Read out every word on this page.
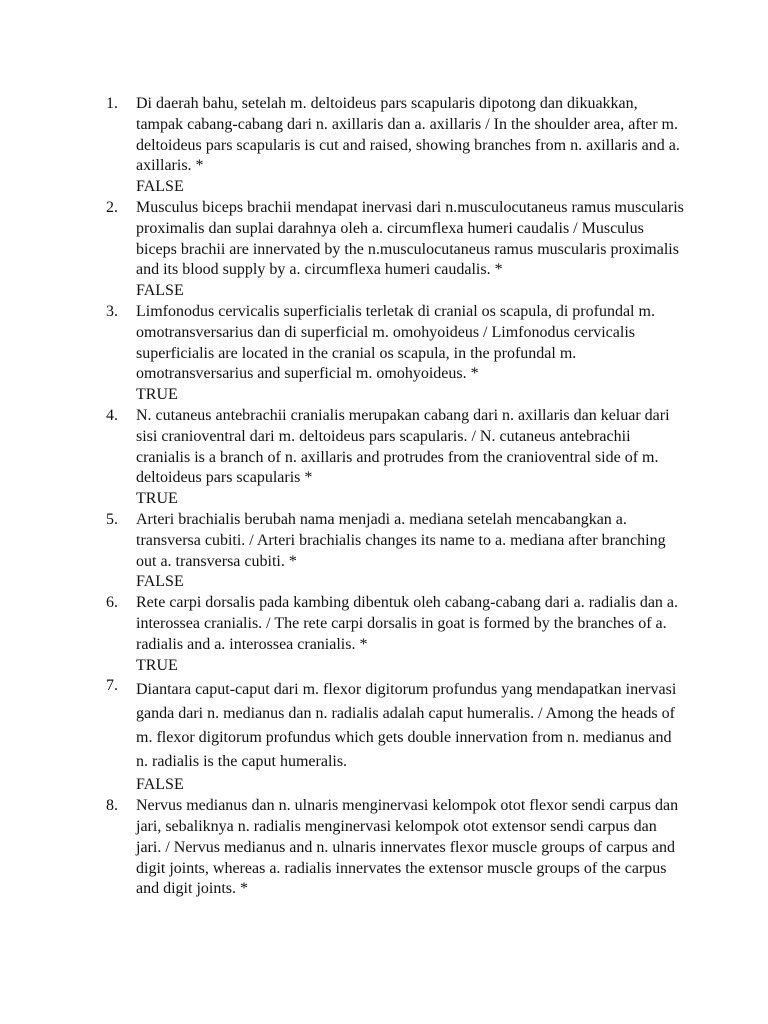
1.	Di daerah bahu, setelah m. deltoideus pars scapularis dipotong dan dikuakkan, tampak cabang-cabang dari n. axillaris dan a. axillaris / In the shoulder area, after m. deltoideus pars scapularis is cut and raised, showing branches from n. axillaris and a. axillaris. *
FALSE
2.	Musculus biceps brachii mendapat inervasi dari n.musculocutaneus ramus muscularis proximalis dan suplai darahnya oleh a. circumflexa humeri caudalis / Musculus biceps brachii are innervated by the n.musculocutaneus ramus muscularis proximalis and its blood supply by a. circumflexa humeri caudalis. *
FALSE
3.	Limfonodus cervicalis superficialis terletak di cranial os scapula, di profundal m. omotransversarius dan di superficial m. omohyoideus / Limfonodus cervicalis superficialis are located in the cranial os scapula, in the profundal m. omotransversarius and superficial m. omohyoideus. *
TRUE
4.	N. cutaneus antebrachii cranialis merupakan cabang dari n. axillaris dan keluar dari sisi cranioventral dari m. deltoideus pars scapularis. / N. cutaneus antebrachii cranialis is a branch of n. axillaris and protrudes from the cranioventral side of m. deltoideus pars scapularis *
TRUE
5.	Arteri brachialis berubah nama menjadi a. mediana setelah mencabangkan a. transversa cubiti. / Arteri brachialis changes its name to a. mediana after branching out a. transversa cubiti. *
FALSE
6.	Rete carpi dorsalis pada kambing dibentuk oleh cabang-cabang dari a. radialis dan a. interossea cranialis. / The rete carpi dorsalis in goat is formed by the branches of a. radialis and a. interossea cranialis. *
TRUE
7.	Diantara caput-caput dari m. flexor digitorum profundus yang mendapatkan inervasi ganda dari n. medianus dan n. radialis adalah caput humeralis. / Among the heads of m. flexor digitorum profundus which gets double innervation from n. medianus and n. radialis is the caput humeralis.
FALSE
8.	Nervus medianus dan n. ulnaris menginervasi kelompok otot flexor sendi carpus dan jari, sebaliknya n. radialis menginervasi kelompok otot extensor sendi carpus dan jari. / Nervus medianus and n. ulnaris innervates flexor muscle groups of carpus and digit joints, whereas a. radialis innervates the extensor muscle groups of the carpus and digit joints. *
